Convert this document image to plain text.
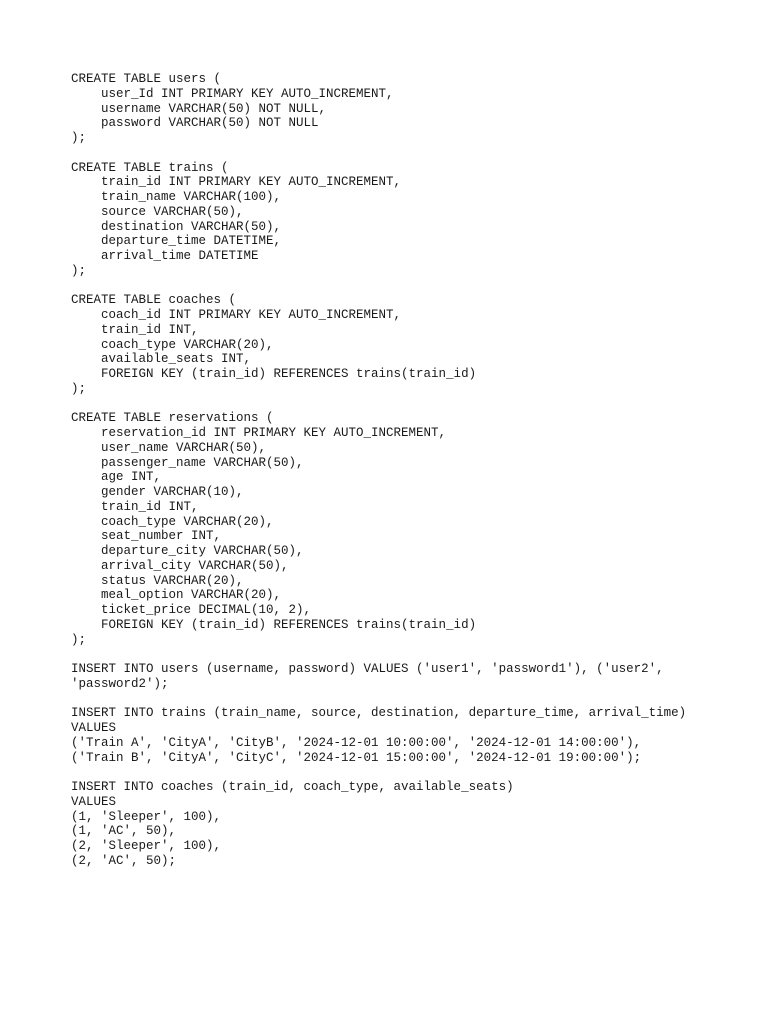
CREATE TABLE users (
user_Id INT PRIMARY KEY AUTO_INCREMENT,
username VARCHAR(50) NOT NULL,
password VARCHAR(50) NOT NULL
);
CREATE TABLE trains (
train_id INT PRIMARY KEY AUTO_INCREMENT,
train_name VARCHAR(100),
source VARCHAR(50),
destination VARCHAR(50),
departure_time DATETIME,
arrival_time DATETIME
);
CREATE TABLE coaches (
coach_id INT PRIMARY KEY AUTO_INCREMENT,
train_id INT,
coach_type VARCHAR(20),
available_seats INT,
FOREIGN KEY (train_id) REFERENCES trains(train_id)
);
CREATE TABLE reservations (
reservation_id INT PRIMARY KEY AUTO_INCREMENT,
user_name VARCHAR(50),
passenger_name VARCHAR(50),
age INT,
gender VARCHAR(10),
train_id INT,
coach_type VARCHAR(20),
seat_number INT,
departure_city VARCHAR(50),
arrival_city VARCHAR(50),
status VARCHAR(20),
meal_option VARCHAR(20),
ticket_price DECIMAL(10, 2),
FOREIGN KEY (train_id) REFERENCES trains(train_id)
);
INSERT INTO users (username, password) VALUES ('user1', 'password1'), ('user2',
'password2');
INSERT INTO trains (train_name, source, destination, departure_time, arrival_time)
VALUES
('Train A', 'CityA', 'CityB', '2024-12-01 10:00:00', '2024-12-01 14:00:00'),
('Train B', 'CityA', 'CityC', '2024-12-01 15:00:00', '2024-12-01 19:00:00');
INSERT INTO coaches (train_id, coach_type, available_seats)
VALUES
(1, 'Sleeper', 100),
(1, 'AC', 50),
(2, 'Sleeper', 100),
(2, 'AC', 50);
